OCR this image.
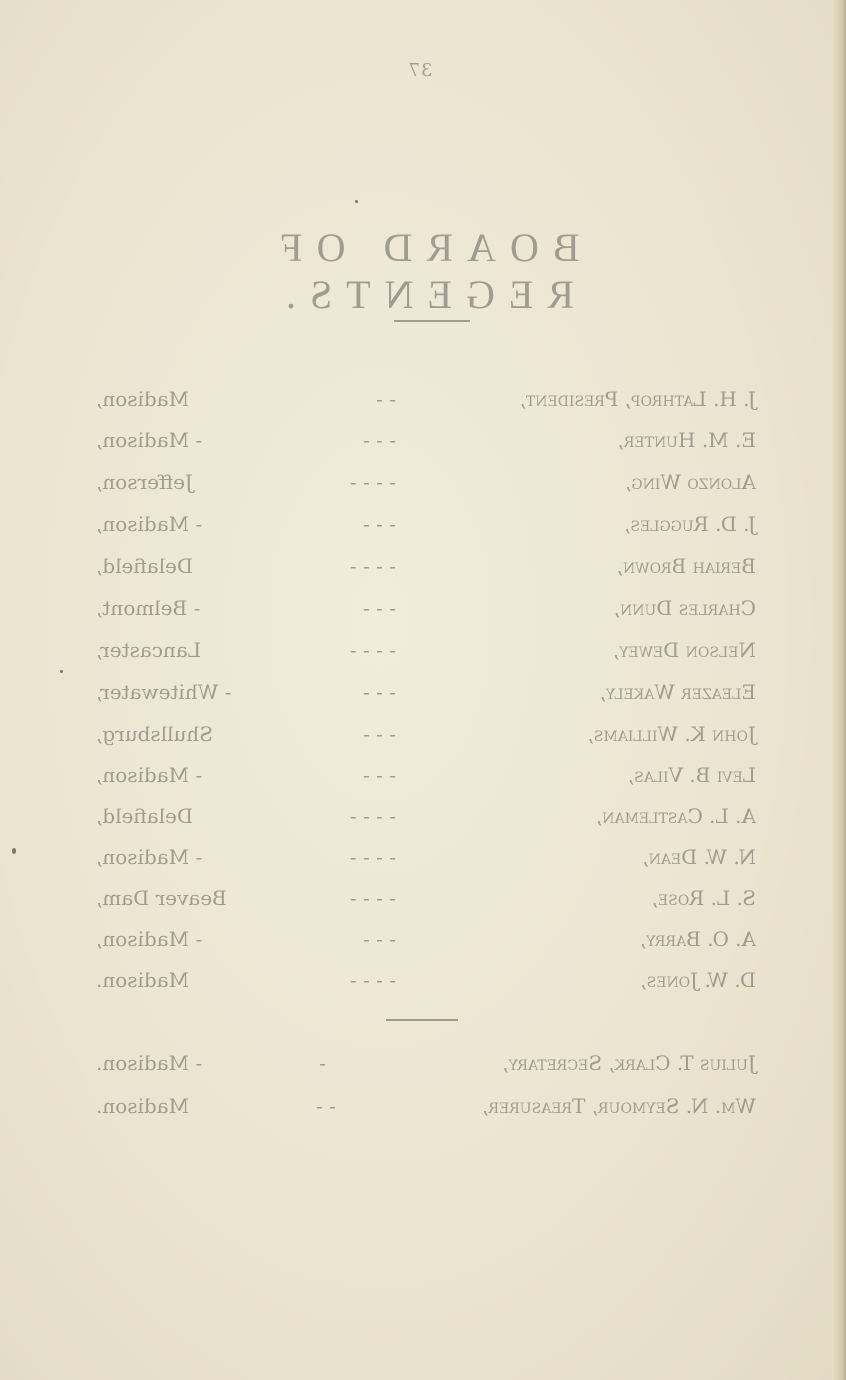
37
BOARD OF REGENTS.
J. H. Lathrop, President,
- -
Madison,
E. M. Hunter,
- - -
- Madison,
Alonzo Wing,
- - - -
Jefferson,
J. D. Ruggles,
- - -
- Madison,
Beriah Brown,
- - - -
Delafield,
Charles Dunn,
- - -
- Belmont,
Nelson Dewey,
- - - -
Lancaster,
Eleazer Wakely,
- - -
- Whitewater,
John K. Williams,
- - -
Shullsburg,
Levi B. Vilas,
- - -
- Madison,
A. L. Castleman,
- - - -
Delafield,
N. W. Dean,
- - - -
- Madison,
S. L. Rose,
- - - -
Beaver Dam,
A. O. Barry,
- - -
- Madison,
D. W. Jones,
- - - -
Madison.
Julius T. Clark, Secretary,
-
- Madison.
Wm. N. Seymour, Treasurer,
- -
Madison.
